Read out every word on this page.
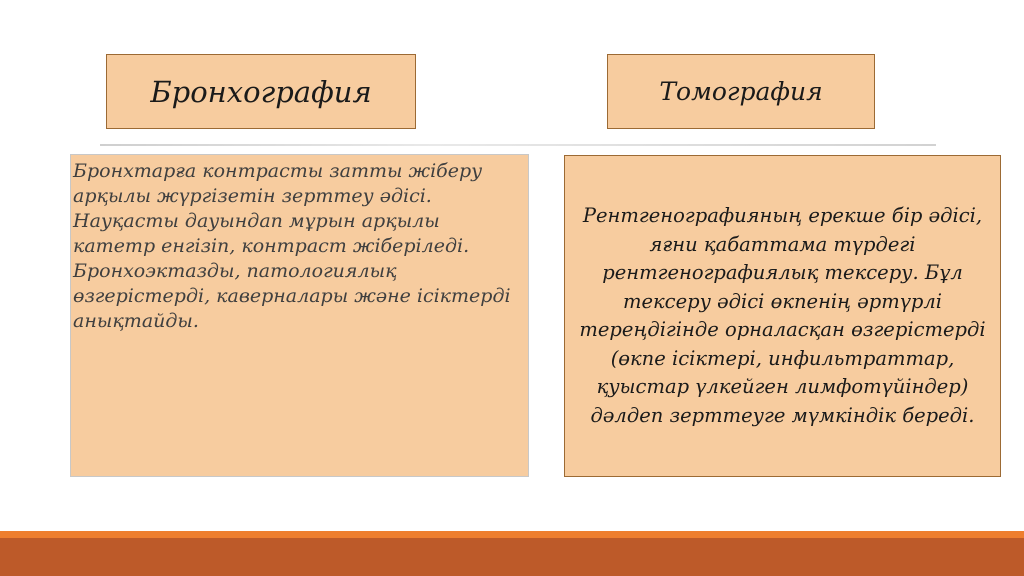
Бронхография	Томография
Бронхтарға контрасты затты жіберу арқылы жүргізетін зерттеу әдісі. Науқасты дауындап мұрын арқылы катетр енгізіп, контраст жіберіледі. Бронхоэктазды, патологиялық өзгерістерді, каверналары және ісіктерді анықтайды.
Рентгенографияның ерекше бір әдісі, яғни қабаттама түрдегі рентгенографиялық тексеру. Бұл тексеру әдісі өкпенің әртүрлі тереңдігінде орналасқан өзгерістерді (өкпе ісіктері, инфильтраттар, қуыстар үлкейген лимфотүйіндер) дәлдеп зерттеуге мүмкіндік береді.
